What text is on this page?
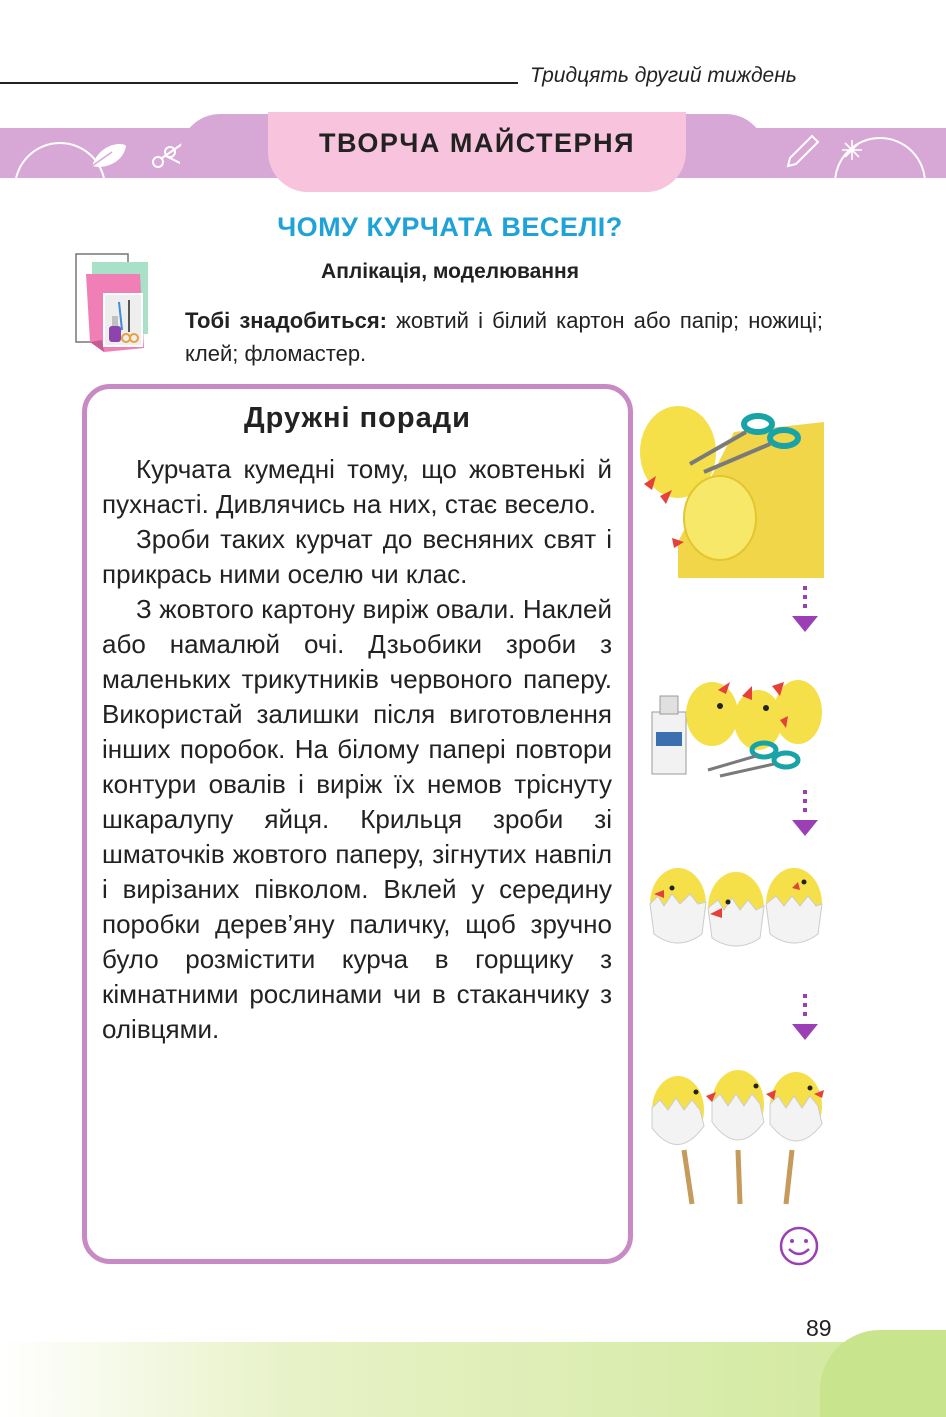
Тридцять другий тиждень
ТВОРЧА МАЙСТЕРНЯ
ЧОМУ КУРЧАТА ВЕСЕЛІ?
Аплікація, моделювання
Тобі знадобиться: жовтий і білий картон або папір; ножиці; клей; фломастер.
Дружні поради

Курчата кумедні тому, що жовтенькі й пухнасті. Дивлячись на них, стає весело.

Зроби таких курчат до весняних свят і прикрась ними оселю чи клас.

З жовтого картону виріж овали. Наклей або намалюй очі. Дзьобики зроби з маленьких трикутників червоного паперу. Використай залишки після виготовлення інших поробок. На білому папері повтори контури овалів і виріж їх немов тріснуту шкаралупу яйця. Крильця зроби зі шматочків жовтого паперу, зігнутих навпіл і вирізаних півколом. Вклей у середину поробки дерев’яну паличку, щоб зручно було розмістити курча в горщику з кімнатними рослинами чи в стаканчику з олівцями.

89
